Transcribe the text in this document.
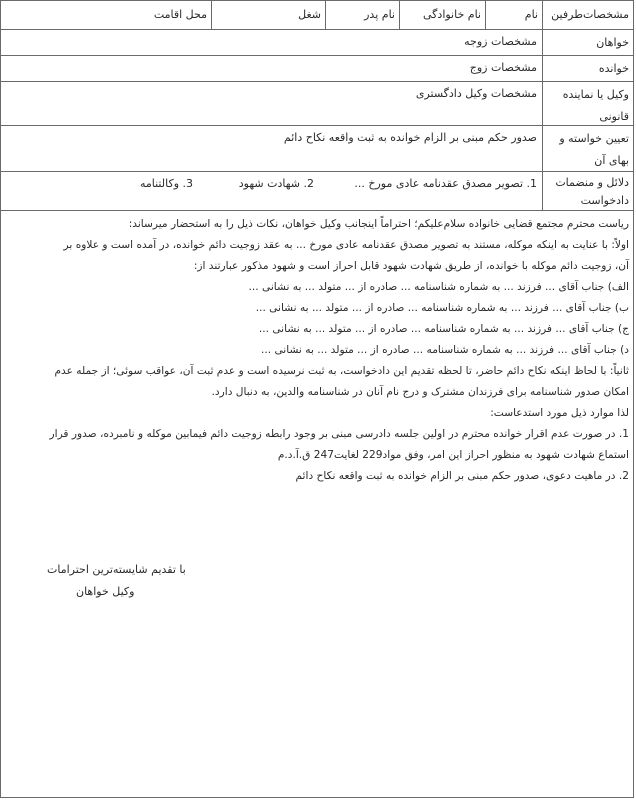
مشخصات‌طرفین
نام
نام خانوادگی
نام پدر
شغل
محل اقامت
خواهان
مشخصات زوجه
خوانده
مشخصات زوج
وکیل یا نماینده
قانونی
مشخصات وکیل دادگستری
تعیین خواسته و
بهای آن
صدور حکم مبنی بر الزام خوانده به ثبت واقعه نکاح دائم
دلائل و منضمات
دادخواست
1. تصویر مصدق عقدنامه عادی مورخ ...
2. شهادت شهود
3. وکالتنامه

ریاست محترم مجتمع قضایی خانواده سلام‌علیکم؛ احتراماً اینجانب وکیل خواهان، نکات ذیل را به استحضار میرساند:

اولاً: با عنایت به اینکه موکله، مستند به تصویر مصدق عقدنامه عادی مورخ ... به عقد زوجیت دائم خوانده، در آمده است و علاوه بر

آن، زوجیت دائم موکله با خوانده، از طریق شهادت شهود قابل احراز است و شهود مذکور عبارتند از:

الف) جناب آقای ... فرزند ... به شماره شناسنامه ... صادره از ... متولد ... به نشانی ...

ب) جناب آقای ... فرزند ... به شماره شناسنامه ... صادره از ... متولد ... به نشانی ...

ج) جناب آقای ... فرزند ... به شماره شناسنامه ... صادره از ... متولد ... به نشانی ...

د) جناب آقای ... فرزند ... به شماره شناسنامه ... صادره از ... متولد ... به نشانی ...

ثانیاً: با لحاظ اینکه نکاح دائم حاضر، تا لحظه تقدیم این دادخواست، به ثبت نرسیده است و عدم ثبت آن، عواقب سوئی؛ از جمله عدم

امکان صدور شناسنامه برای فرزندان مشترک و درج نام آنان در شناسنامه والدین، به دنبال دارد.

لذا موارد ذیل مورد استدعاست:

1. در صورت عدم اقرار خوانده محترم در اولین جلسه دادرسی مبنی بر وجود رابطه زوجیت دائم فیمابین موکله و نامبرده، صدور قرار

استماع شهادت شهود به منظور احراز این امر، وفق مواد229 لغایت247 ق.آ.د.م

2. در ماهیت دعوی، صدور حکم مبنی بر الزام خوانده به ثبت واقعه نکاح دائم

با تقدیم شایسته‌ترین احترامات
وکیل خواهان
